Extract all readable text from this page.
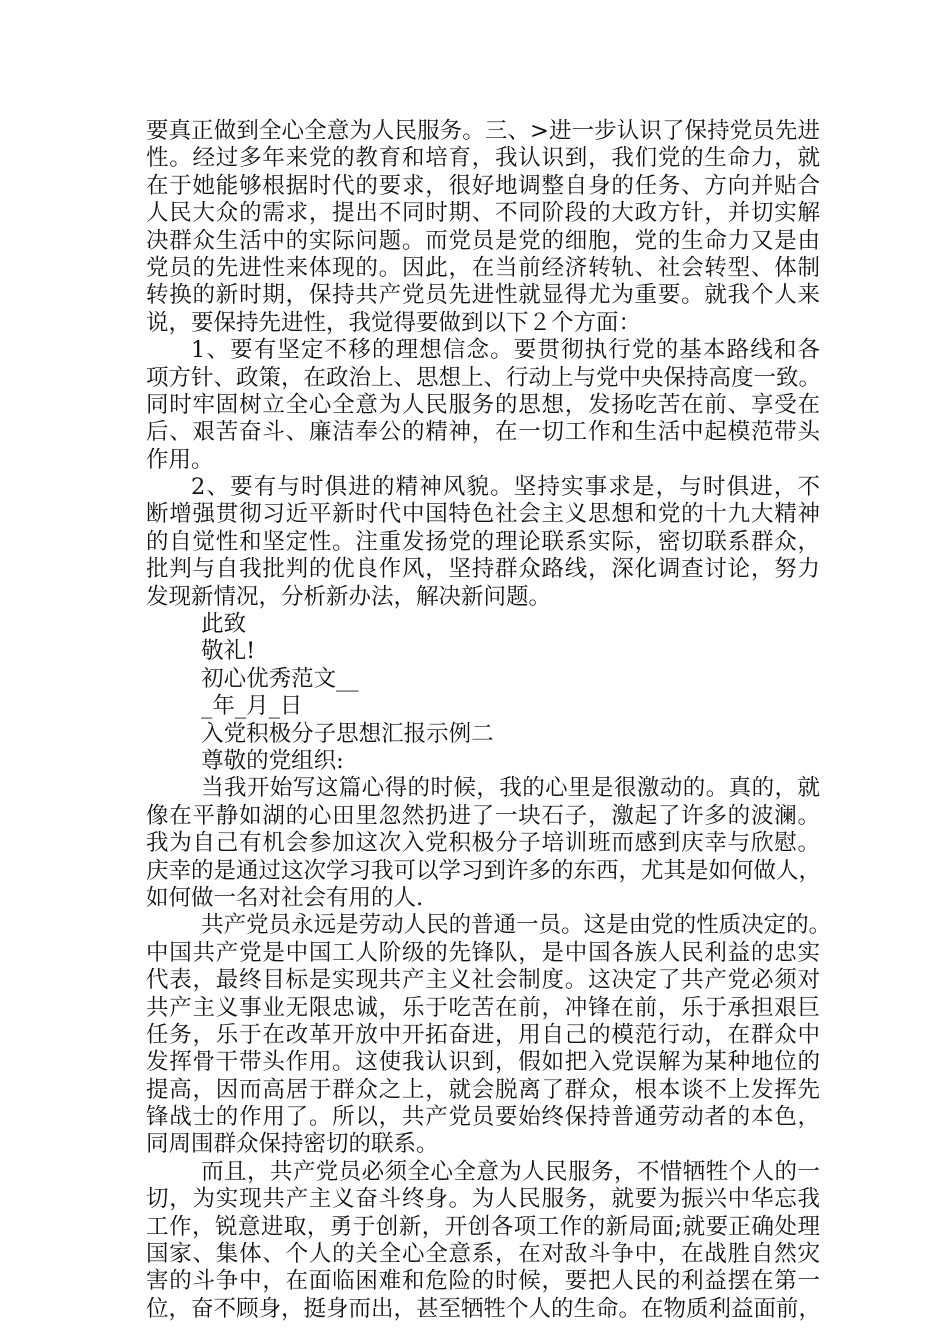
要真正做到全心全意为人民服务。三、>进一步认识了保持党员先进
性。经过多年来党的教育和培育，我认识到，我们党的生命力，就
在于她能够根据时代的要求，很好地调整自身的任务、方向并贴合
人民大众的需求，提出不同时期、不同阶段的大政方针，并切实解
决群众生活中的实际问题。而党员是党的细胞，党的生命力又是由
党员的先进性来体现的。因此，在当前经济转轨、社会转型、体制
转换的新时期，保持共产党员先进性就显得尤为重要。就我个人来
说，要保持先进性，我觉得要做到以下２个方面：
1、要有坚定不移的理想信念。要贯彻执行党的基本路线和各
项方针、政策，在政治上、思想上、行动上与党中央保持高度一致。
同时牢固树立全心全意为人民服务的思想，发扬吃苦在前、享受在
后、艰苦奋斗、廉洁奉公的精神，在一切工作和生活中起模范带头
作用。
2、要有与时俱进的精神风貌。坚持实事求是，与时俱进，不
断增强贯彻习近平新时代中国特色社会主义思想和党的十九大精神
的自觉性和坚定性。注重发扬党的理论联系实际，密切联系群众，
批判与自我批判的优良作风，坚持群众路线，深化调查讨论，努力
发现新情况，分析新办法，解决新问题。
此致
敬礼!
初心优秀范文__
_年_月_日
入党积极分子思想汇报示例二
尊敬的党组织:
当我开始写这篇心得的时候，我的心里是很激动的。真的，就
像在平静如湖的心田里忽然扔进了一块石子，激起了许多的波澜。
我为自己有机会参加这次入党积极分子培训班而感到庆幸与欣慰。
庆幸的是通过这次学习我可以学习到许多的东西，尤其是如何做人，
如何做一名对社会有用的人.
共产党员永远是劳动人民的普通一员。这是由党的性质决定的。
中国共产党是中国工人阶级的先锋队，是中国各族人民利益的忠实
代表，最终目标是实现共产主义社会制度。这决定了共产党必须对
共产主义事业无限忠诚，乐于吃苦在前，冲锋在前，乐于承担艰巨
任务，乐于在改革开放中开拓奋进，用自己的模范行动，在群众中
发挥骨干带头作用。这使我认识到，假如把入党误解为某种地位的
提高，因而高居于群众之上，就会脱离了群众，根本谈不上发挥先
锋战士的作用了。所以，共产党员要始终保持普通劳动者的本色，
同周围群众保持密切的联系。
而且，共产党员必须全心全意为人民服务，不惜牺牲个人的一
切，为实现共产主义奋斗终身。为人民服务，就要为振兴中华忘我
工作，锐意进取，勇于创新，开创各项工作的新局面;就要正确处理
国家、集体、个人的关全心全意系，在对敌斗争中，在战胜自然灾
害的斗争中，在面临困难和危险的时候，要把人民的利益摆在第一
位，奋不顾身，挺身而出，甚至牺牲个人的生命。在物质利益面前，
